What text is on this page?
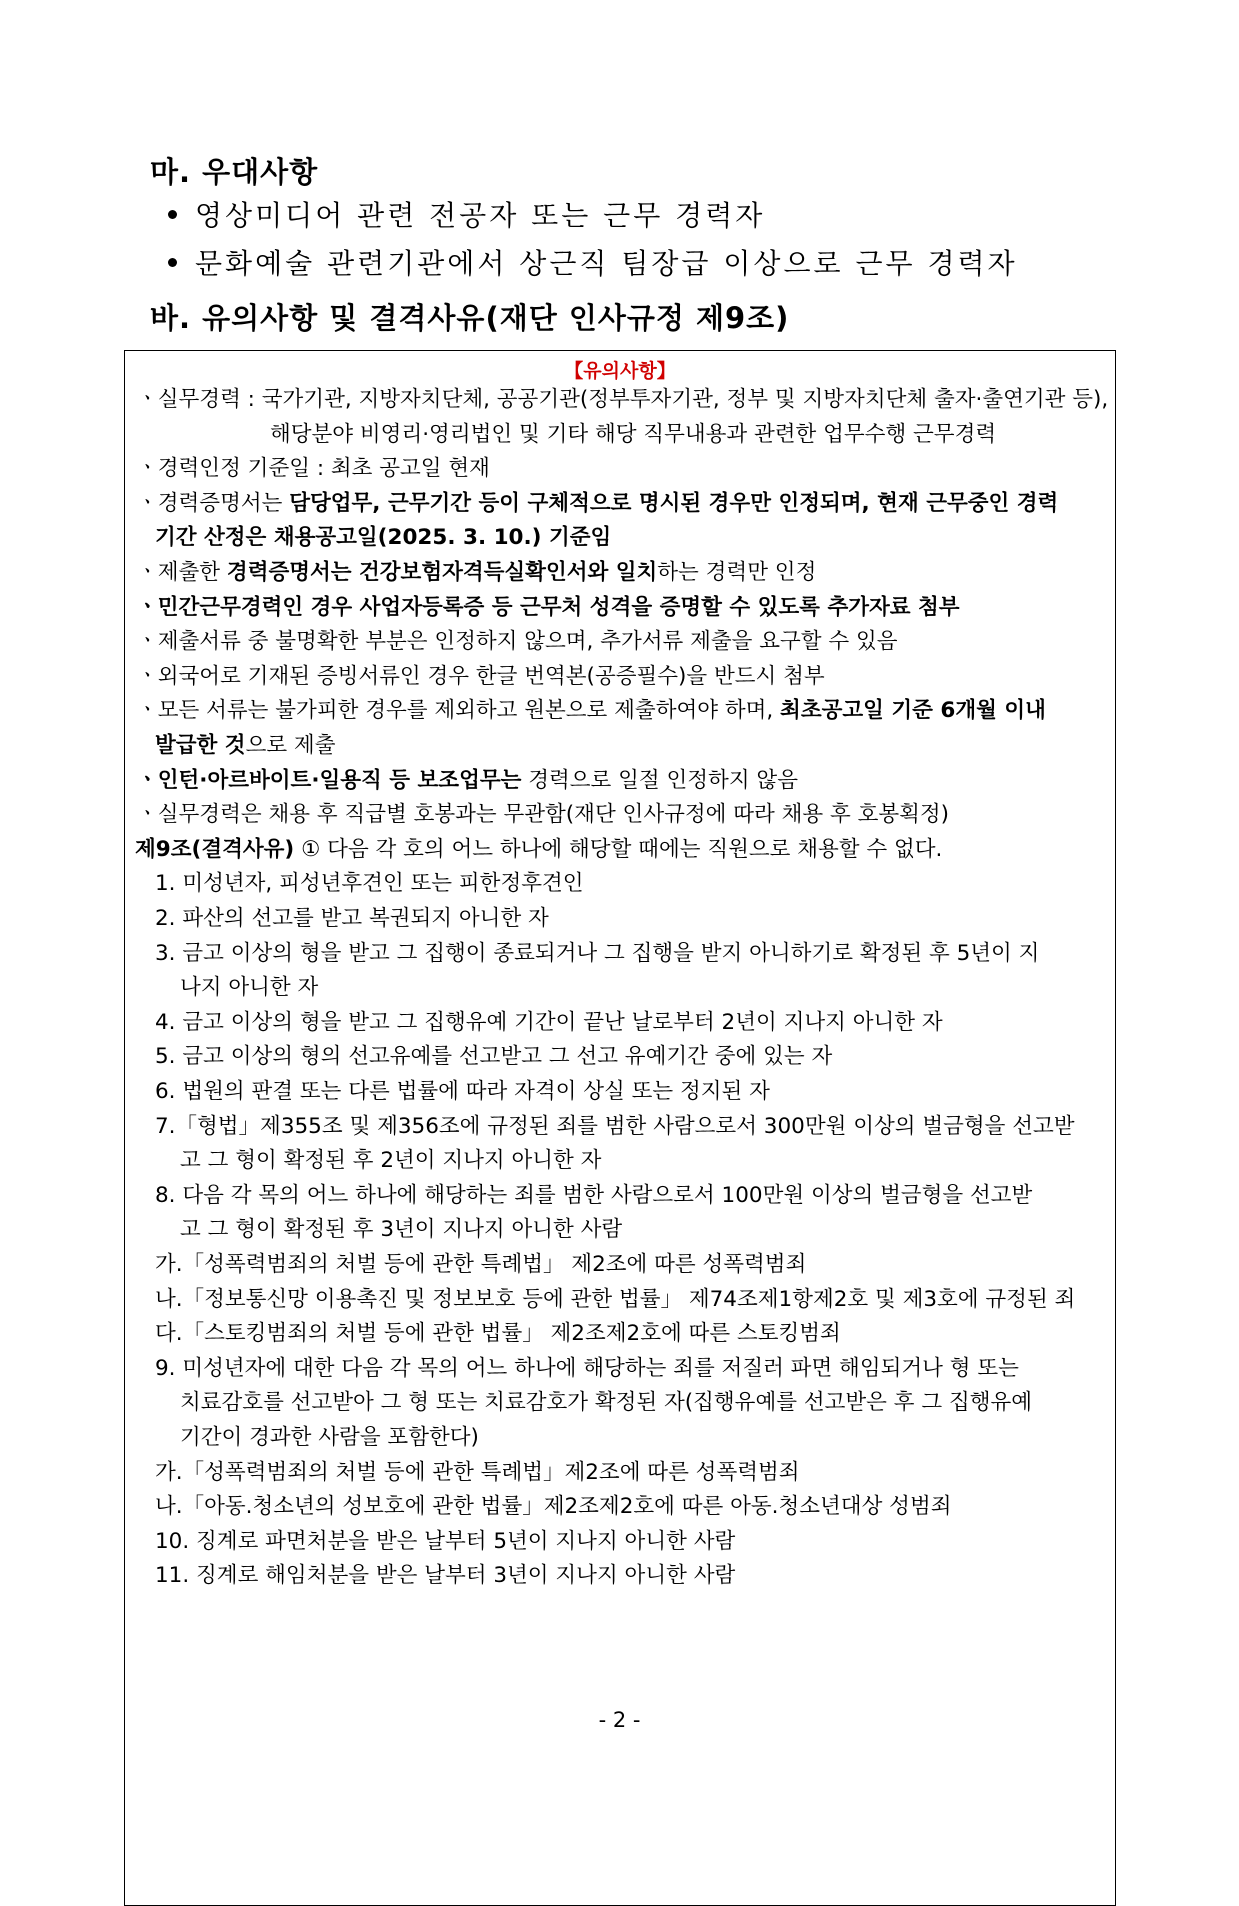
마. 우대사항
영상미디어 관련 전공자 또는 근무 경력자
문화예술 관련기관에서 상근직 팀장급 이상으로 근무 경력자
바. 유의사항 및 결격사유(재단 인사규정 제9조)
【유의사항】
ㆍ실무경력 : 국가기관, 지방자치단체, 공공기관(정부투자기관, 정부 및 지방자치단체 출자·출연기관 등),
해당분야 비영리·영리법인 및 기타 해당 직무내용과 관련한 업무수행 근무경력
ㆍ경력인정 기준일 : 최초 공고일 현재
ㆍ경력증명서는 담당업무, 근무기간 등이 구체적으로 명시된 경우만 인정되며, 현재 근무중인 경력
기간 산정은 채용공고일(2025. 3. 10.) 기준임
ㆍ제출한 경력증명서는 건강보험자격득실확인서와 일치하는 경력만 인정
ㆍ민간근무경력인 경우 사업자등록증 등 근무처 성격을 증명할 수 있도록 추가자료 첨부
ㆍ제출서류 중 불명확한 부분은 인정하지 않으며, 추가서류 제출을 요구할 수 있음
ㆍ외국어로 기재된 증빙서류인 경우 한글 번역본(공증필수)을 반드시 첨부
ㆍ모든 서류는 불가피한 경우를 제외하고 원본으로 제출하여야 하며, 최초공고일 기준 6개월 이내
발급한 것으로 제출
ㆍ인턴·아르바이트·일용직 등 보조업무는 경력으로 일절 인정하지 않음
ㆍ실무경력은 채용 후 직급별 호봉과는 무관함(재단 인사규정에 따라 채용 후 호봉획정)
제9조(결격사유) ① 다음 각 호의 어느 하나에 해당할 때에는 직원으로 채용할 수 없다.
1. 미성년자, 피성년후견인 또는 피한정후견인
2. 파산의 선고를 받고 복권되지 아니한 자
3. 금고 이상의 형을 받고 그 집행이 종료되거나 그 집행을 받지 아니하기로 확정된 후 5년이 지
나지 아니한 자
4. 금고 이상의 형을 받고 그 집행유예 기간이 끝난 날로부터 2년이 지나지 아니한 자
5. 금고 이상의 형의 선고유예를 선고받고 그 선고 유예기간 중에 있는 자
6. 법원의 판결 또는 다른 법률에 따라 자격이 상실 또는 정지된 자
7.「형법」제355조 및 제356조에 규정된 죄를 범한 사람으로서 300만원 이상의 벌금형을 선고받
고 그 형이 확정된 후 2년이 지나지 아니한 자
8. 다음 각 목의 어느 하나에 해당하는 죄를 범한 사람으로서 100만원 이상의 벌금형을 선고받
고 그 형이 확정된 후 3년이 지나지 아니한 사람
가.「성폭력범죄의 처벌 등에 관한 특례법」 제2조에 따른 성폭력범죄
나.「정보통신망 이용촉진 및 정보보호 등에 관한 법률」 제74조제1항제2호 및 제3호에 규정된 죄
다.「스토킹범죄의 처벌 등에 관한 법률」 제2조제2호에 따른 스토킹범죄
9. 미성년자에 대한 다음 각 목의 어느 하나에 해당하는 죄를 저질러 파면 해임되거나 형 또는
치료감호를 선고받아 그 형 또는 치료감호가 확정된 자(집행유예를 선고받은 후 그 집행유예
기간이 경과한 사람을 포함한다)
가.「성폭력범죄의 처벌 등에 관한 특례법」제2조에 따른 성폭력범죄
나.「아동.청소년의 성보호에 관한 법률」제2조제2호에 따른 아동.청소년대상 성범죄
10. 징계로 파면처분을 받은 날부터 5년이 지나지 아니한 사람
11. 징계로 해임처분을 받은 날부터 3년이 지나지 아니한 사람
- 2 -
